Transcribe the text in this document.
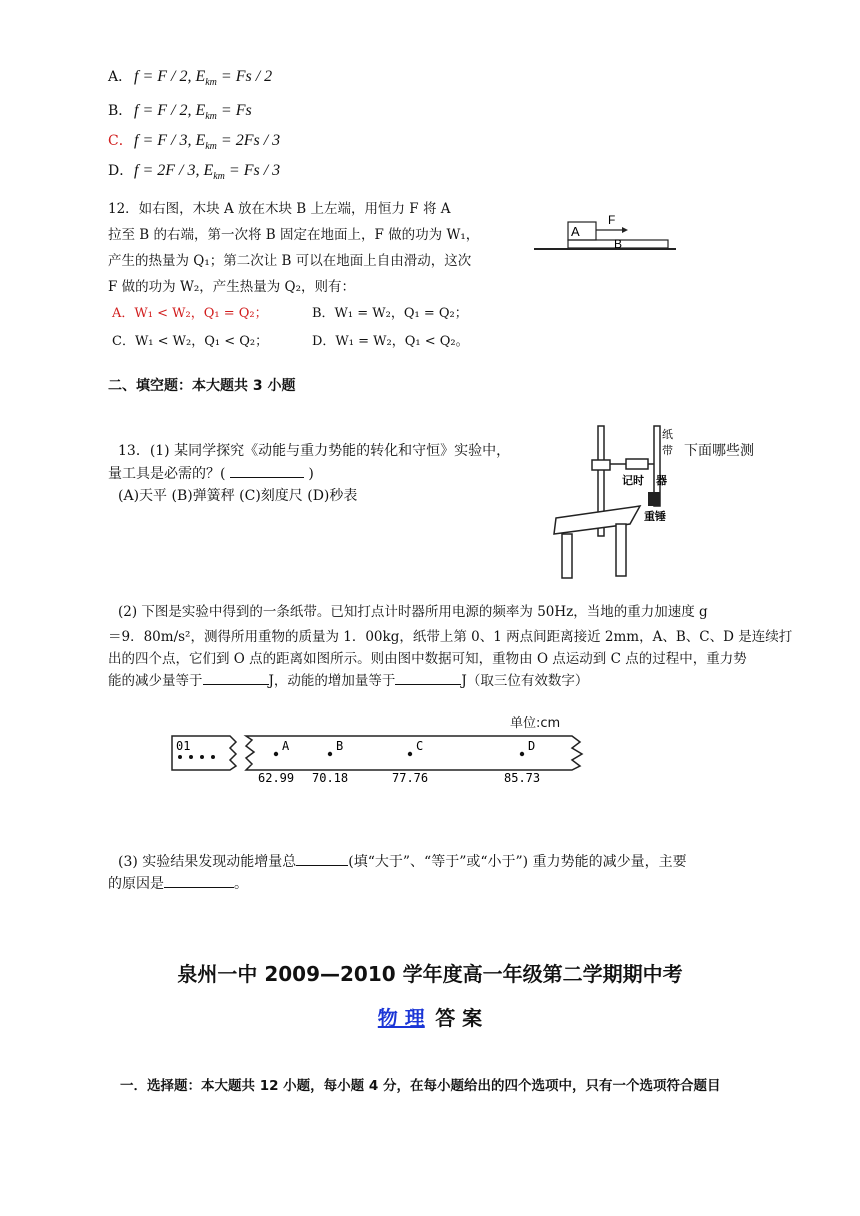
A． f = F / 2, $E_{km} = Fs / 2$
B． f = F / 2, $E_{km} = Fs$
C．f = F / 3, $E_{km} = 2Fs / 3$
D．f = 2F / 3, $E_{km} = Fs / 3$
12．如右图，木块 A 放在木块 B 上左端，用恒力 F 将 A
拉至 B 的右端，第一次将 B 固定在地面上，F 做的功为 W₁，
产生的热量为 Q₁；第二次让 B 可以在地面上自由滑动，这次
F 做的功为 W₂，产生热量为 Q₂，则有：
A．W₁ < W₂，Q₁ = Q₂；	B．W₁ = W₂，Q₁ = Q₂；
C．W₁ < W₂，Q₁ < Q₂；	D．W₁ = W₂，Q₁ < Q₂。
A
F
B
二、填空题：本大题共 3 小题
13．(1) 某同学探究《动能与重力势能的转化和守恒》实验中，	下面哪些测
量工具是必需的？(	)
(A)天平 (B)弹簧秤 (C)刻度尺 (D)秒表
纸
带
记时 器
重锤
(2) 下图是实验中得到的一条纸带。已知打点计时器所用电源的频率为 50Hz，当地的重力加速度 g
＝9．80m/s²，测得所用重物的质量为 1．00kg，纸带上第 0、1 两点间距离接近 2mm，A、B、C、D 是连续打
出的四个点，它们到 O 点的距离如图所示。则由图中数据可知，重物由 O 点运动到 C 点的过程中，重力势
能的减少量等于	J，动能的增加量等于	J（取三位有效数字）
单位:cm
01	A
62.99
B
70.18
C
77.76
D
85.73
(3) 实验结果发现动能增量总	(填“大于”、“等于”或“小于”) 重力势能的减少量，主要
的原因是	。
泉州一中 2009—2010 学年度高一年级第二学期期中考
物 理 答 案
一．选择题：本大题共 12 小题，每小题 4 分，在每小题给出的四个选项中，只有一个选项符合题目
